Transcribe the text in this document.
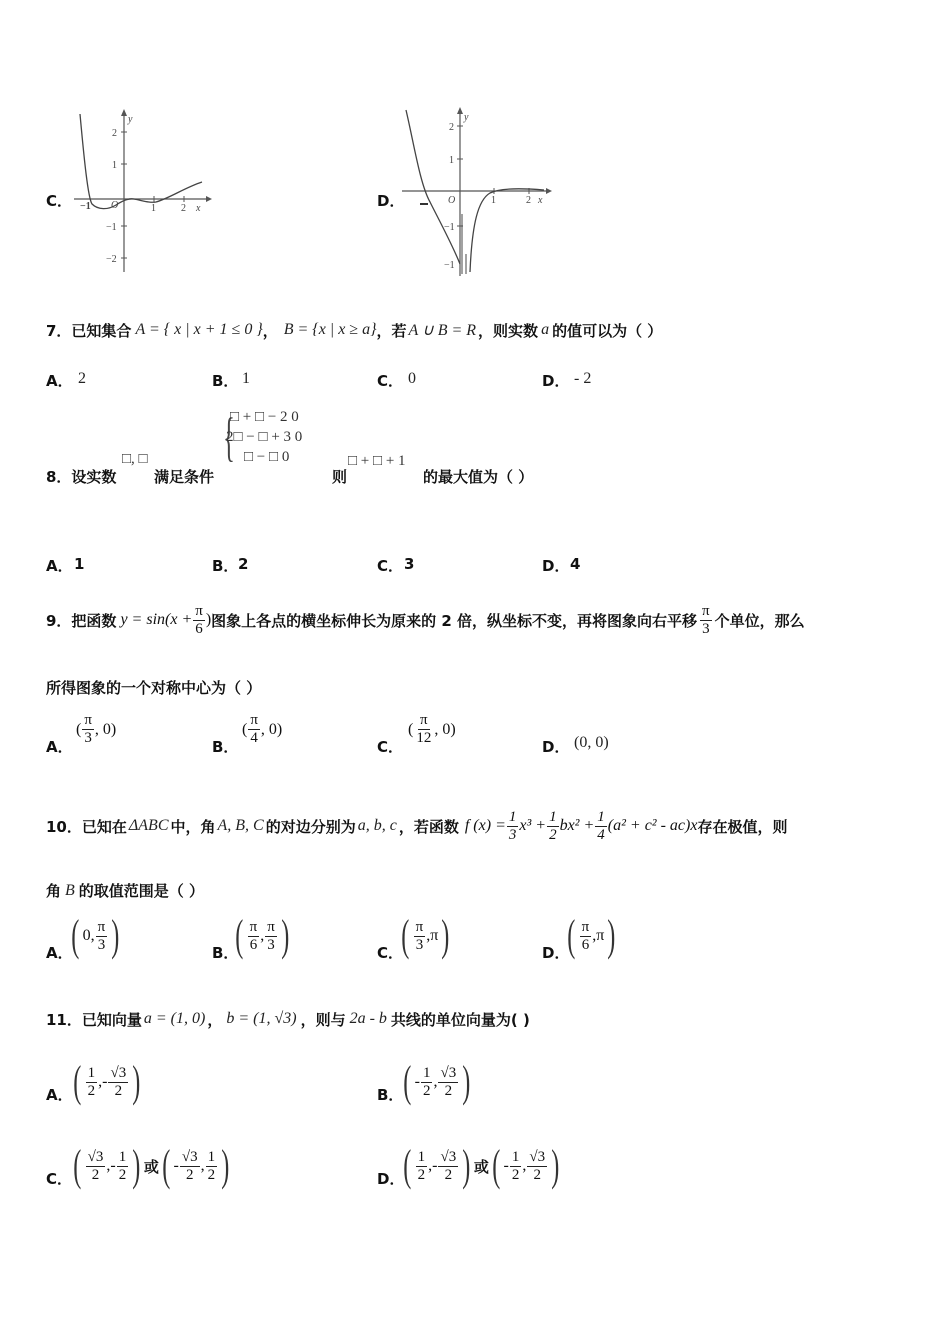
C．
y
x
2
1
−1
−2
1	2
O
−1	D．
y
x
2
1
−1
1	2
O
−1
7．已知集合 A = { x | x + 1 ≤ 0 } ， B = {x | x ≥ a} ，若 A ∪ B = R ，则实数 a 的值可以为（ ）
A． 2	B． 1	C． 0	D． - 2
8．设实数
□, □
满足条件
{
□ + □ − 2 0
2□ − □ + 3 0
□ − □ 0
则
□ + □ + 1
的最大值为（ ）
A． 1	B． 2	C． 3	D． 4
9．把函数 $y = \sin(x + \frac{\pi}{6}$ ) 图象上各点的横坐标伸长为原来的 2 倍，纵坐标不变，再将图象向右平移 $\frac{\pi}{3}$ 个单位，那么
所得图象的一个对称中心为（ ）
A．
( $\frac{\pi}{3}$ , 0)
B．
( $\frac{\pi}{4}$ , 0)
C．
( $\frac{\pi}{12}$ , 0)
D． (0, 0)
10．已知在 ΔABC 中，角 A, B, C 的对边分别为 a, b, c ，若函数 f $(x) = \frac{1}{3} x^3 + \frac{1}{2} bx^2 + \frac{1}{4} (a^2 + c^2 - ac)x$ 存在极值，则
角 B 的取值范围是（ ）
A．
( 0, $\frac{\pi}{3}$ )	B．
( $\frac{\pi}{6}$ , $\frac{\pi}{3}$ )	C．
( $\frac{\pi}{3} ,\pi$ )	D．
( $\frac{\pi}{6} ,\pi$ )
11．已知向量 a = (1, 0) ， b = (1, √3) ，则与 2a - b 共线的单位向量为( )
A． ( $\frac{1}{2}$ , - $\frac{√3}{2}$ )	B． ( - $\frac{1}{2}$ , $\frac{√3}{2}$ )
C． ( $\frac{√3}{2}$ , - $\frac{1}{2}$ ) 或 ( - $\frac{√3}{2}$ , $\frac{1}{2}$ )	D．
( $\frac{1}{2}$ , - $\frac{√3}{2}$ ) 或 ( - $\frac{1}{2}$ , $\frac{√3}{2}$ )
